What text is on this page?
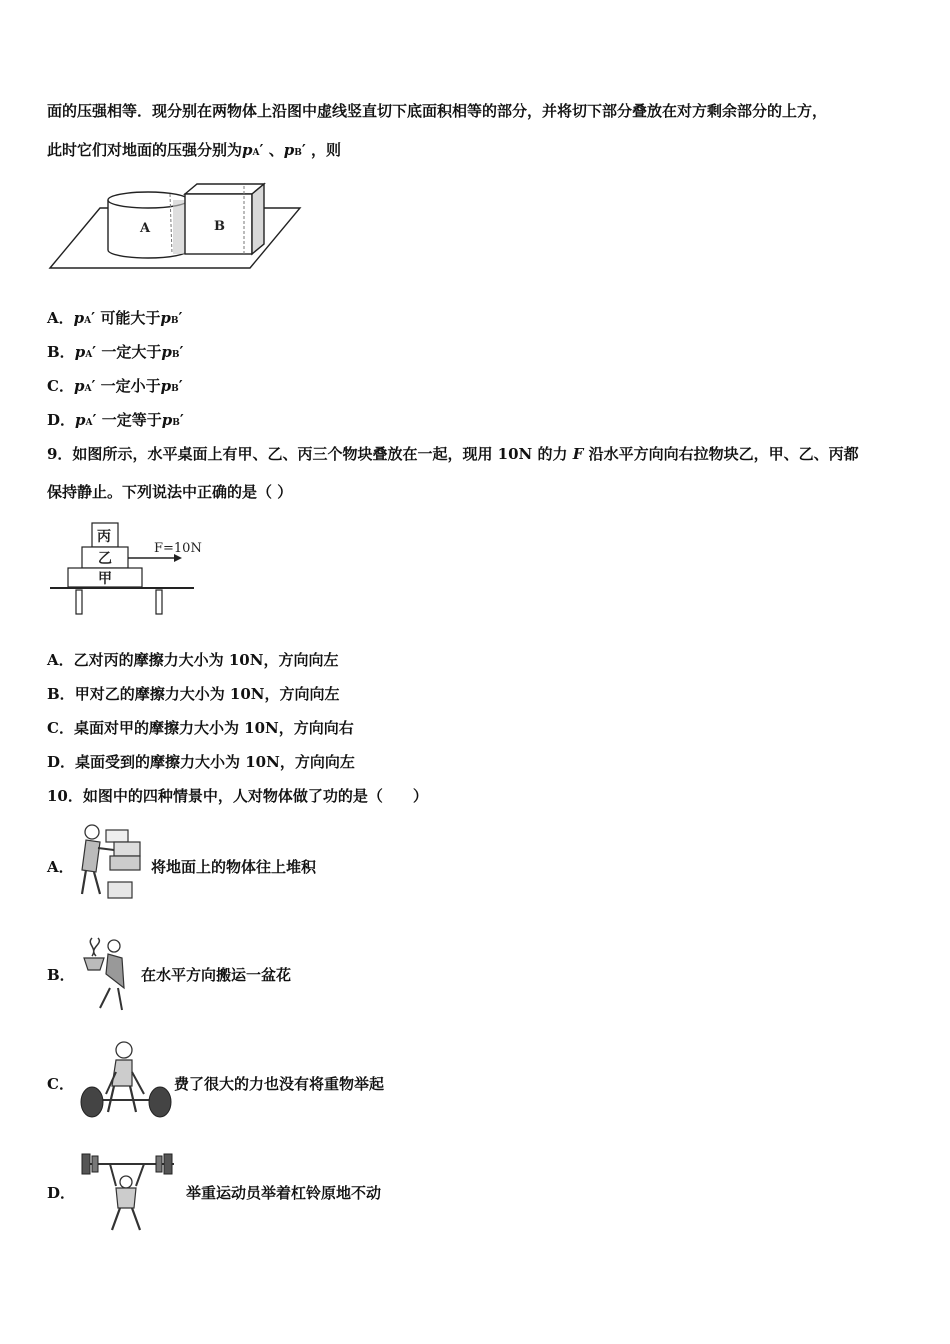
面的压强相等．现分别在两物体上沿图中虚线竖直切下底面积相等的部分，并将切下部分叠放在对方剩余部分的上方，
此时它们对地面的压强分别为pA′ 、pB′ ，则
A	B
A．pA′ 可能大于pB′
B．pA′ 一定大于pB′
C．pA′ 一定小于pB′
D．pA′ 一定等于pB′
9．如图所示，水平桌面上有甲、乙、丙三个物块叠放在一起，现用 10N 的力 F 沿水平方向向右拉物块乙，甲、乙、丙都
保持静止。下列说法中正确的是（ ）
丙
乙
甲
F=10N
A．乙对丙的摩擦力大小为 10N，方向向左
B．甲对乙的摩擦力大小为 10N，方向向左
C．桌面对甲的摩擦力大小为 10N，方向向右
D．桌面受到的摩擦力大小为 10N，方向向左
10．如图中的四种情景中，人对物体做了功的是（　　）
A．	将地面上的物体往上堆积
B．	在水平方向搬运一盆花
C．	费了很大的力也没有将重物举起
D．	举重运动员举着杠铃原地不动
